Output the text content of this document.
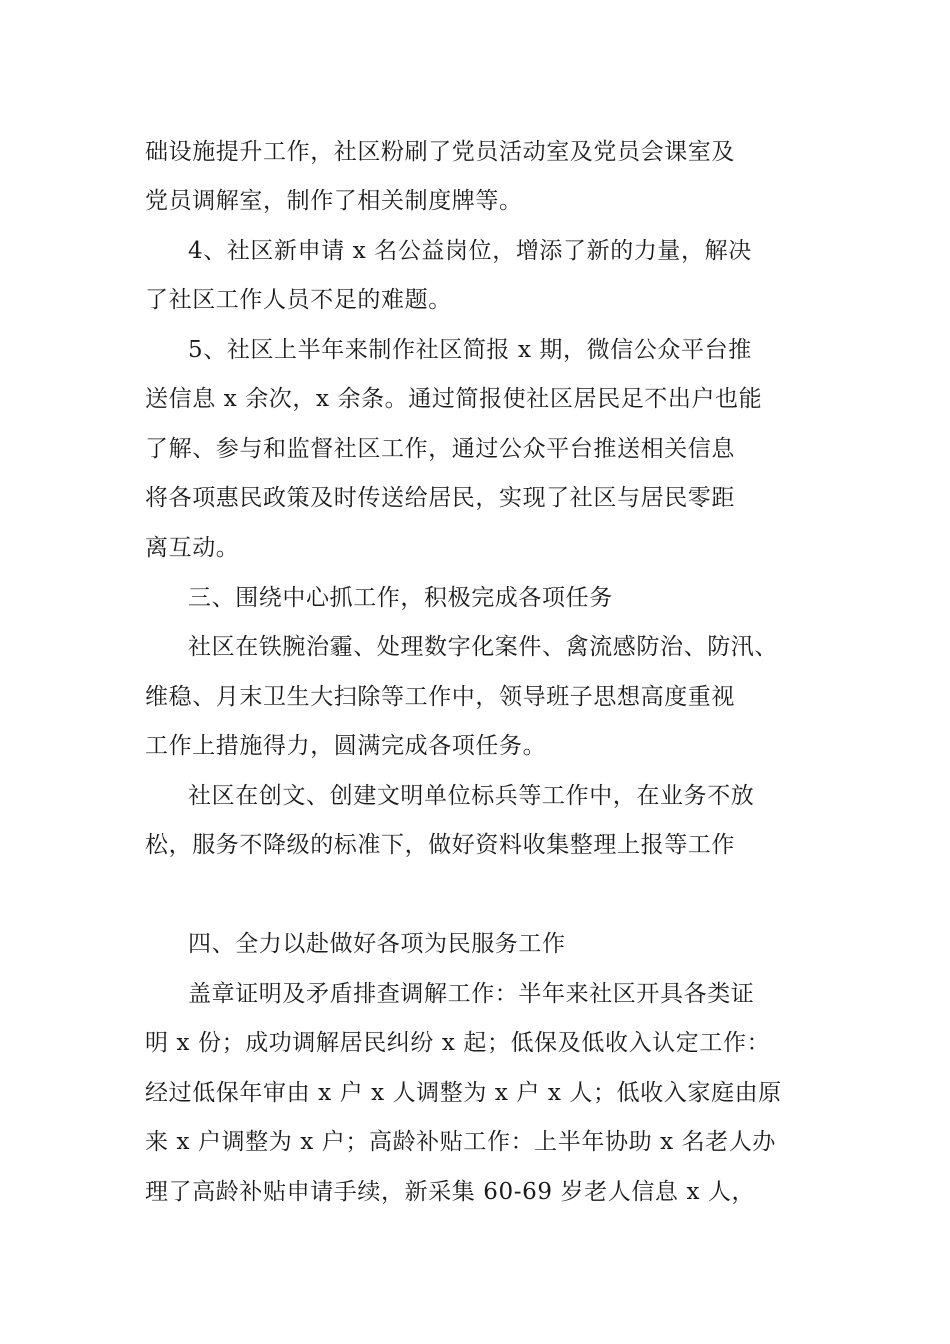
础设施提升工作，社区粉刷了党员活动室及党员会课室及
党员调解室，制作了相关制度牌等。
4、社区新申请 x 名公益岗位，增添了新的力量，解决
了社区工作人员不足的难题。
5、社区上半年来制作社区简报 x 期，微信公众平台推
送信息 x 余次，x 余条。通过简报使社区居民足不出户也能
了解、参与和监督社区工作，通过公众平台推送相关信息
将各项惠民政策及时传送给居民，实现了社区与居民零距
离互动。
三、围绕中心抓工作，积极完成各项任务
社区在铁腕治霾、处理数字化案件、禽流感防治、防汛、
维稳、月末卫生大扫除等工作中，领导班子思想高度重视
工作上措施得力，圆满完成各项任务。
社区在创文、创建文明单位标兵等工作中，在业务不放
松，服务不降级的标准下，做好资料收集整理上报等工作
四、全力以赴做好各项为民服务工作
盖章证明及矛盾排查调解工作：半年来社区开具各类证
明 x 份；成功调解居民纠纷 x 起；低保及低收入认定工作：
经过低保年审由 x 户 x 人调整为 x 户 x 人；低收入家庭由原
来 x 户调整为 x 户；高龄补贴工作：上半年协助 x 名老人办
理了高龄补贴申请手续，新采集 60-69 岁老人信息 x 人，
